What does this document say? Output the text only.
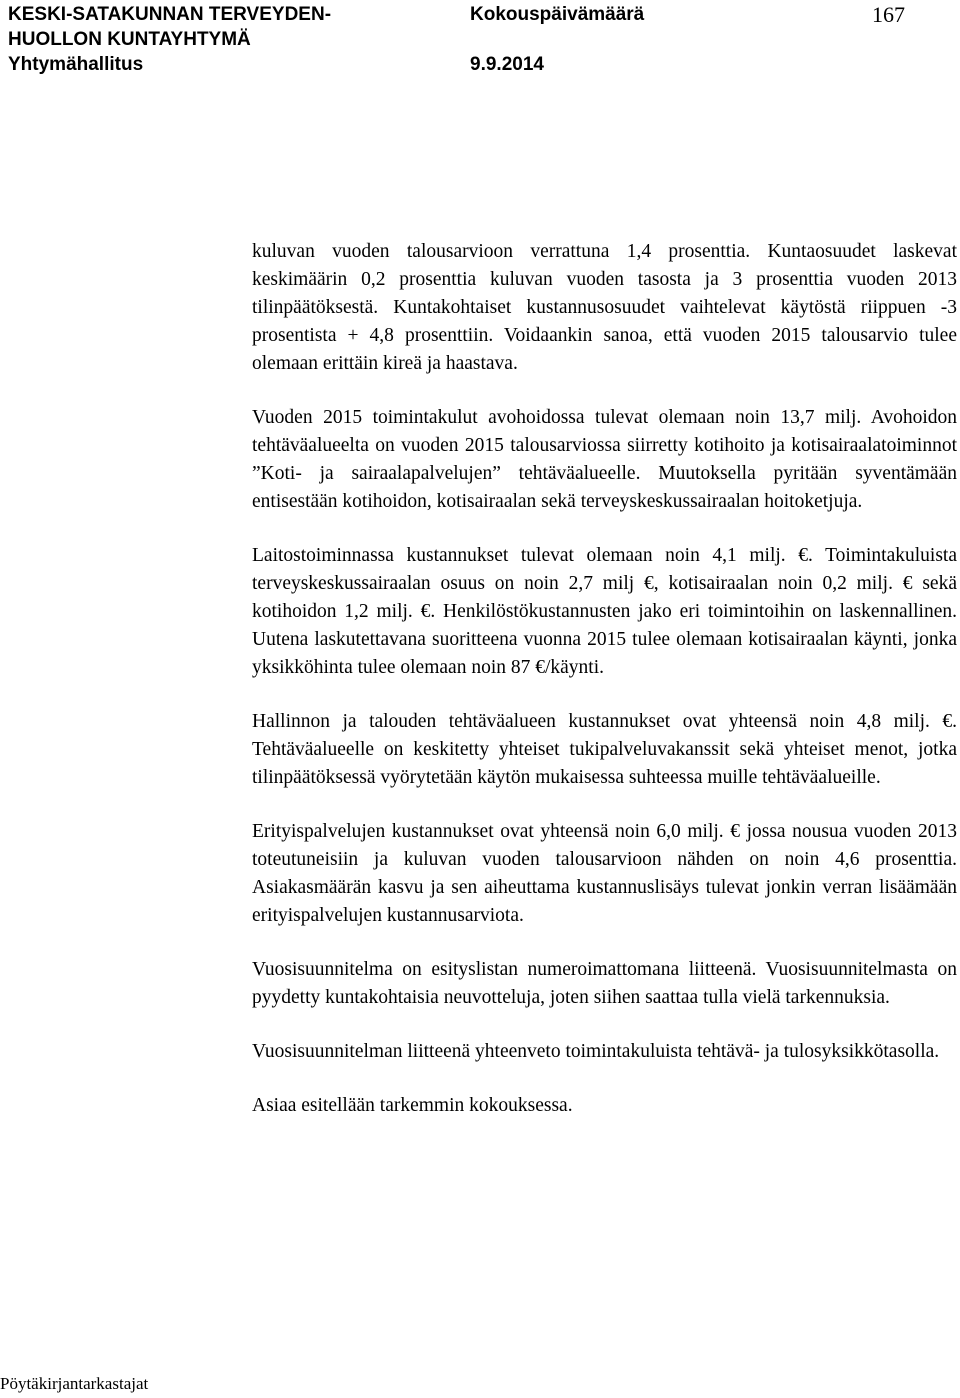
KESKI-SATAKUNNAN TERVEYDEN-
HUOLLON KUNTAYHTYMÄ
Yhtymähallitus
Kokouspäivämäärä
9.9.2014
167

kuluvan vuoden talousarvioon verrattuna 1,4 prosenttia. Kuntaosuudet laskevat keskimäärin 0,2 prosenttia kuluvan vuoden tasosta ja 3 prosenttia vuoden 2013 tilinpäätöksestä. Kuntakohtaiset kustannusosuudet vaihtelevat käytöstä riippuen -3 prosentista + 4,8 prosenttiin. Voidaankin sanoa, että vuoden 2015 talousarvio tulee olemaan erittäin kireä ja haastava.

Vuoden 2015 toimintakulut avohoidossa tulevat olemaan noin 13,7 milj. Avohoidon tehtäväalueelta on vuoden 2015 talousarviossa siirretty kotihoito ja kotisairaalatoiminnot ”Koti- ja sairaalapalvelujen” tehtäväalueelle. Muutoksella pyritään syventämään entisestään kotihoidon, kotisairaalan sekä terveyskeskussairaalan hoitoketjuja.

Laitostoiminnassa kustannukset tulevat olemaan noin 4,1 milj. €. Toimintakuluista terveyskeskussairaalan osuus on noin 2,7 milj €, kotisairaalan noin 0,2 milj. € sekä kotihoidon 1,2 milj. €. Henkilöstökustannusten jako eri toimintoihin on laskennallinen. Uutena laskutettavana suoritteena vuonna 2015 tulee olemaan kotisairaalan käynti, jonka yksikköhinta tulee olemaan noin 87 €/käynti.

Hallinnon ja talouden tehtäväalueen kustannukset ovat yhteensä noin 4,8 milj. €. Tehtäväalueelle on keskitetty yhteiset tukipalveluvakanssit sekä yhteiset menot, jotka tilinpäätöksessä vyörytetään käytön mukaisessa suhteessa muille tehtäväalueille.

Erityispalvelujen kustannukset ovat yhteensä noin 6,0 milj. € jossa nousua vuoden 2013 toteutuneisiin ja kuluvan vuoden talousarvioon nähden on noin 4,6 prosenttia. Asiakasmäärän kasvu ja sen aiheuttama kustannuslisäys tulevat jonkin verran lisäämään erityispalvelujen kustannusarviota.

Vuosisuunnitelma on esityslistan numeroimattomana liitteenä. Vuosisuunnitelmasta on pyydetty kuntakohtaisia neuvotteluja, joten siihen saattaa tulla vielä tarkennuksia.

Vuosisuunnitelman liitteenä yhteenveto toimintakuluista tehtävä- ja tulosyksikkötasolla.

Asiaa esitellään tarkemmin kokouksessa.

Pöytäkirjantarkastajat
